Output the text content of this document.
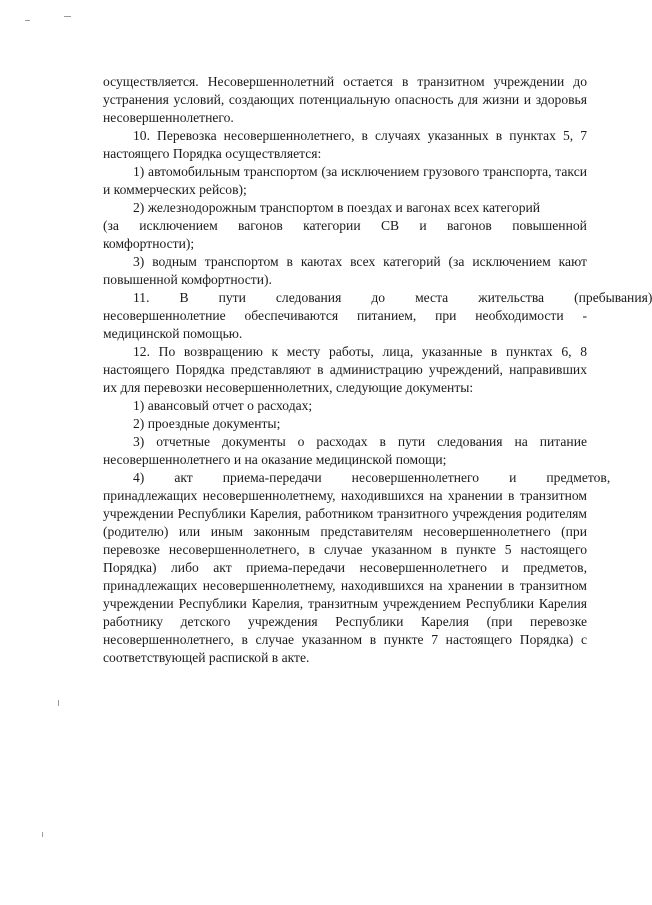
осуществляется. Несовершеннолетний остается в транзитном учреждении до устранения условий, создающих потенциальную опасность для жизни и здоровья несовершеннолетнего.

10. Перевозка несовершеннолетнего, в случаях указанных в пунктах 5, 7 настоящего Порядка осуществляется:

1) автомобильным транспортом (за исключением грузового транспорта, такси и коммерческих рейсов);

2) железнодорожным транспортом в поездах и вагонах всех категорий

(за исключением вагонов категории СВ и вагонов повышенной

комфортности);

3) водным транспортом в каютах всех категорий (за исключением кают повышенной комфортности).

11.	В	пути	следования	до	места	жительства	(пребывания)

несовершеннолетние обеспечиваются питанием, при необходимости - медицинской помощью.

12. По возвращению к месту работы, лица, указанные в пунктах 6, 8 настоящего Порядка представляют в администрацию учреждений, направивших их для перевозки несовершеннолетних, следующие документы:

1) авансовый отчет о расходах;

2) проездные документы;

3) отчетные документы о расходах в пути следования на питание несовершеннолетнего и на оказание медицинской помощи;

4)	акт	приема-передачи	несовершеннолетнего	и	предметов,

принадлежащих несовершеннолетнему, находившихся на хранении в транзитном учреждении Республики Карелия, работником транзитного учреждения родителям (родителю) или иным законным представителям несовершеннолетнего (при перевозке несовершеннолетнего, в случае указанном в пункте 5 настоящего Порядка) либо акт приема-передачи несовершеннолетнего и предметов, принадлежащих несовершеннолетнему, находившихся на хранении в транзитном учреждении Республики Карелия, транзитным учреждением Республики Карелия работнику детского учреждения Республики Карелия (при перевозке несовершеннолетнего, в случае указанном в пункте 7 настоящего Порядка) с соответствующей распиской в акте.
